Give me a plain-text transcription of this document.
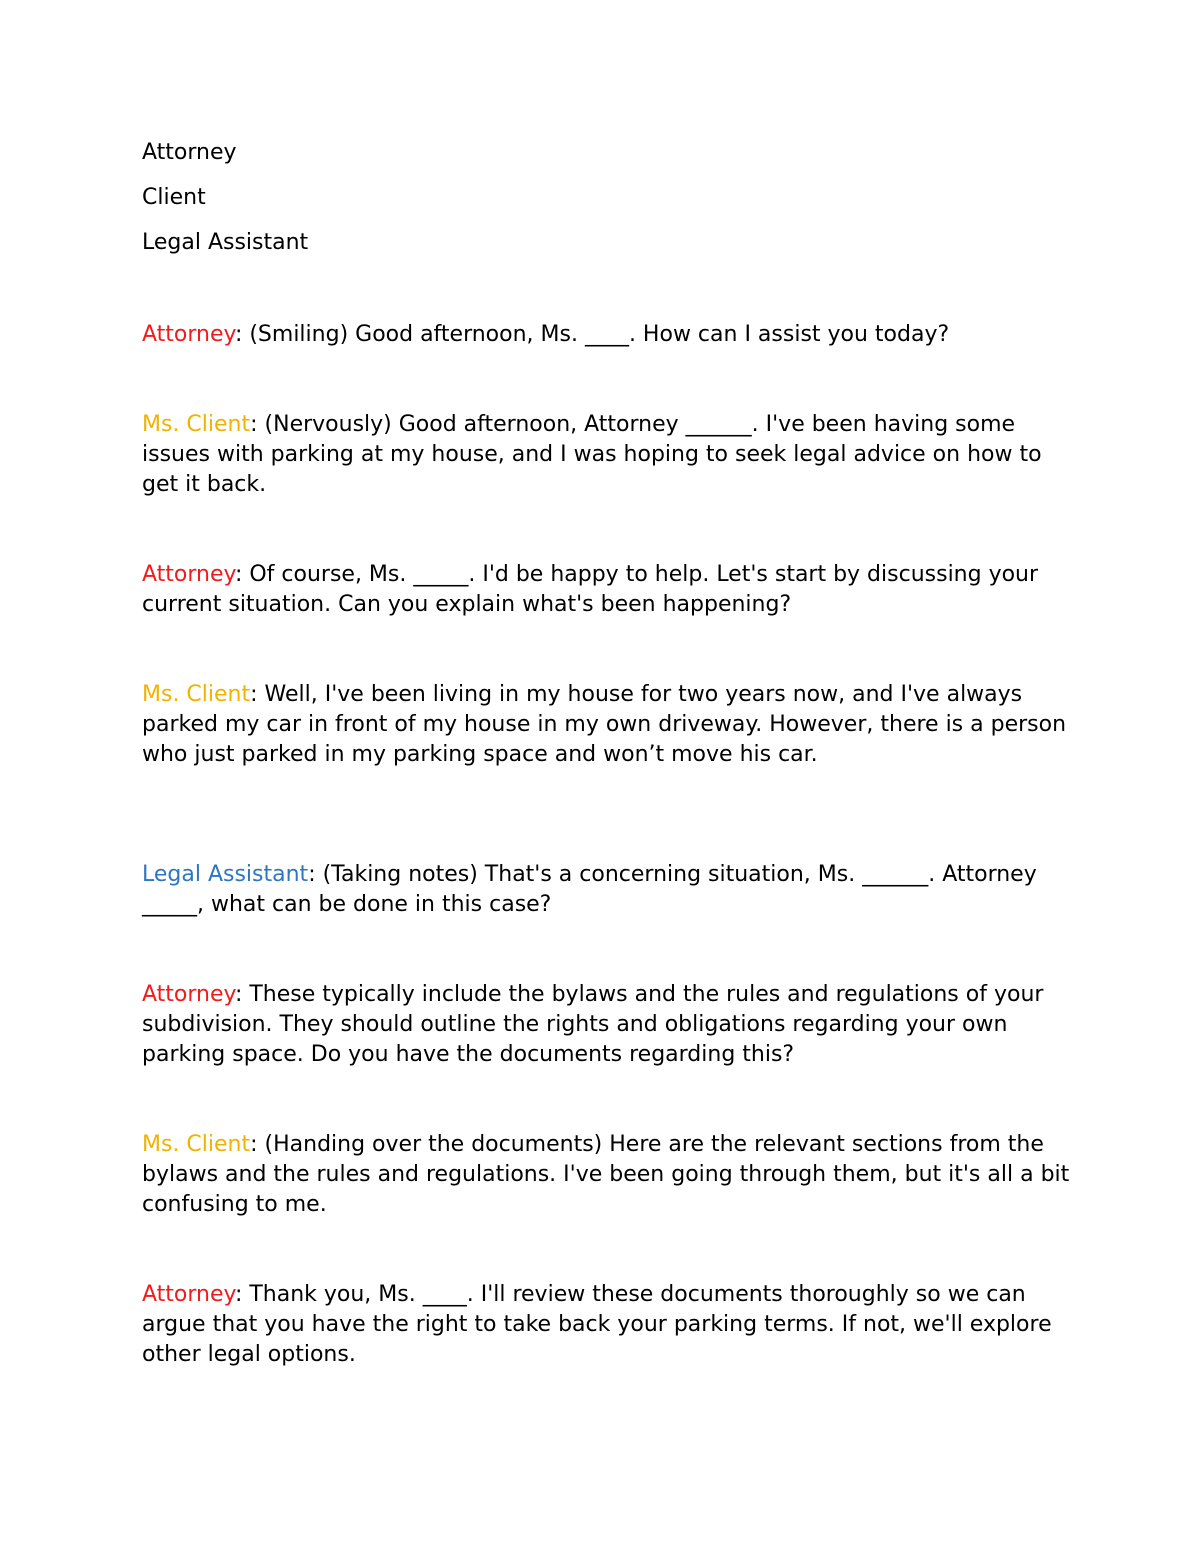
Attorney
Client
Legal Assistant

Attorney: (Smiling) Good afternoon, Ms. ____. How can I assist you today?

Ms. Client: (Nervously) Good afternoon, Attorney ______. I've been having some issues with parking at my house, and I was hoping to seek legal advice on how to get it back.

Attorney: Of course, Ms. _____. I'd be happy to help. Let's start by discussing your current situation. Can you explain what's been happening?

Ms. Client: Well, I've been living in my house for two years now, and I've always parked my car in front of my house in my own driveway. However, there is a person who just parked in my parking space and won’t move his car.

Legal Assistant: (Taking notes) That's a concerning situation, Ms. ______. Attorney _____, what can be done in this case?

Attorney: These typically include the bylaws and the rules and regulations of your subdivision. They should outline the rights and obligations regarding your own parking space. Do you have the documents regarding this?

Ms. Client: (Handing over the documents) Here are the relevant sections from the bylaws and the rules and regulations. I've been going through them, but it's all a bit confusing to me.

Attorney: Thank you, Ms. ____. I'll review these documents thoroughly so we can argue that you have the right to take back your parking terms. If not, we'll explore other legal options.
